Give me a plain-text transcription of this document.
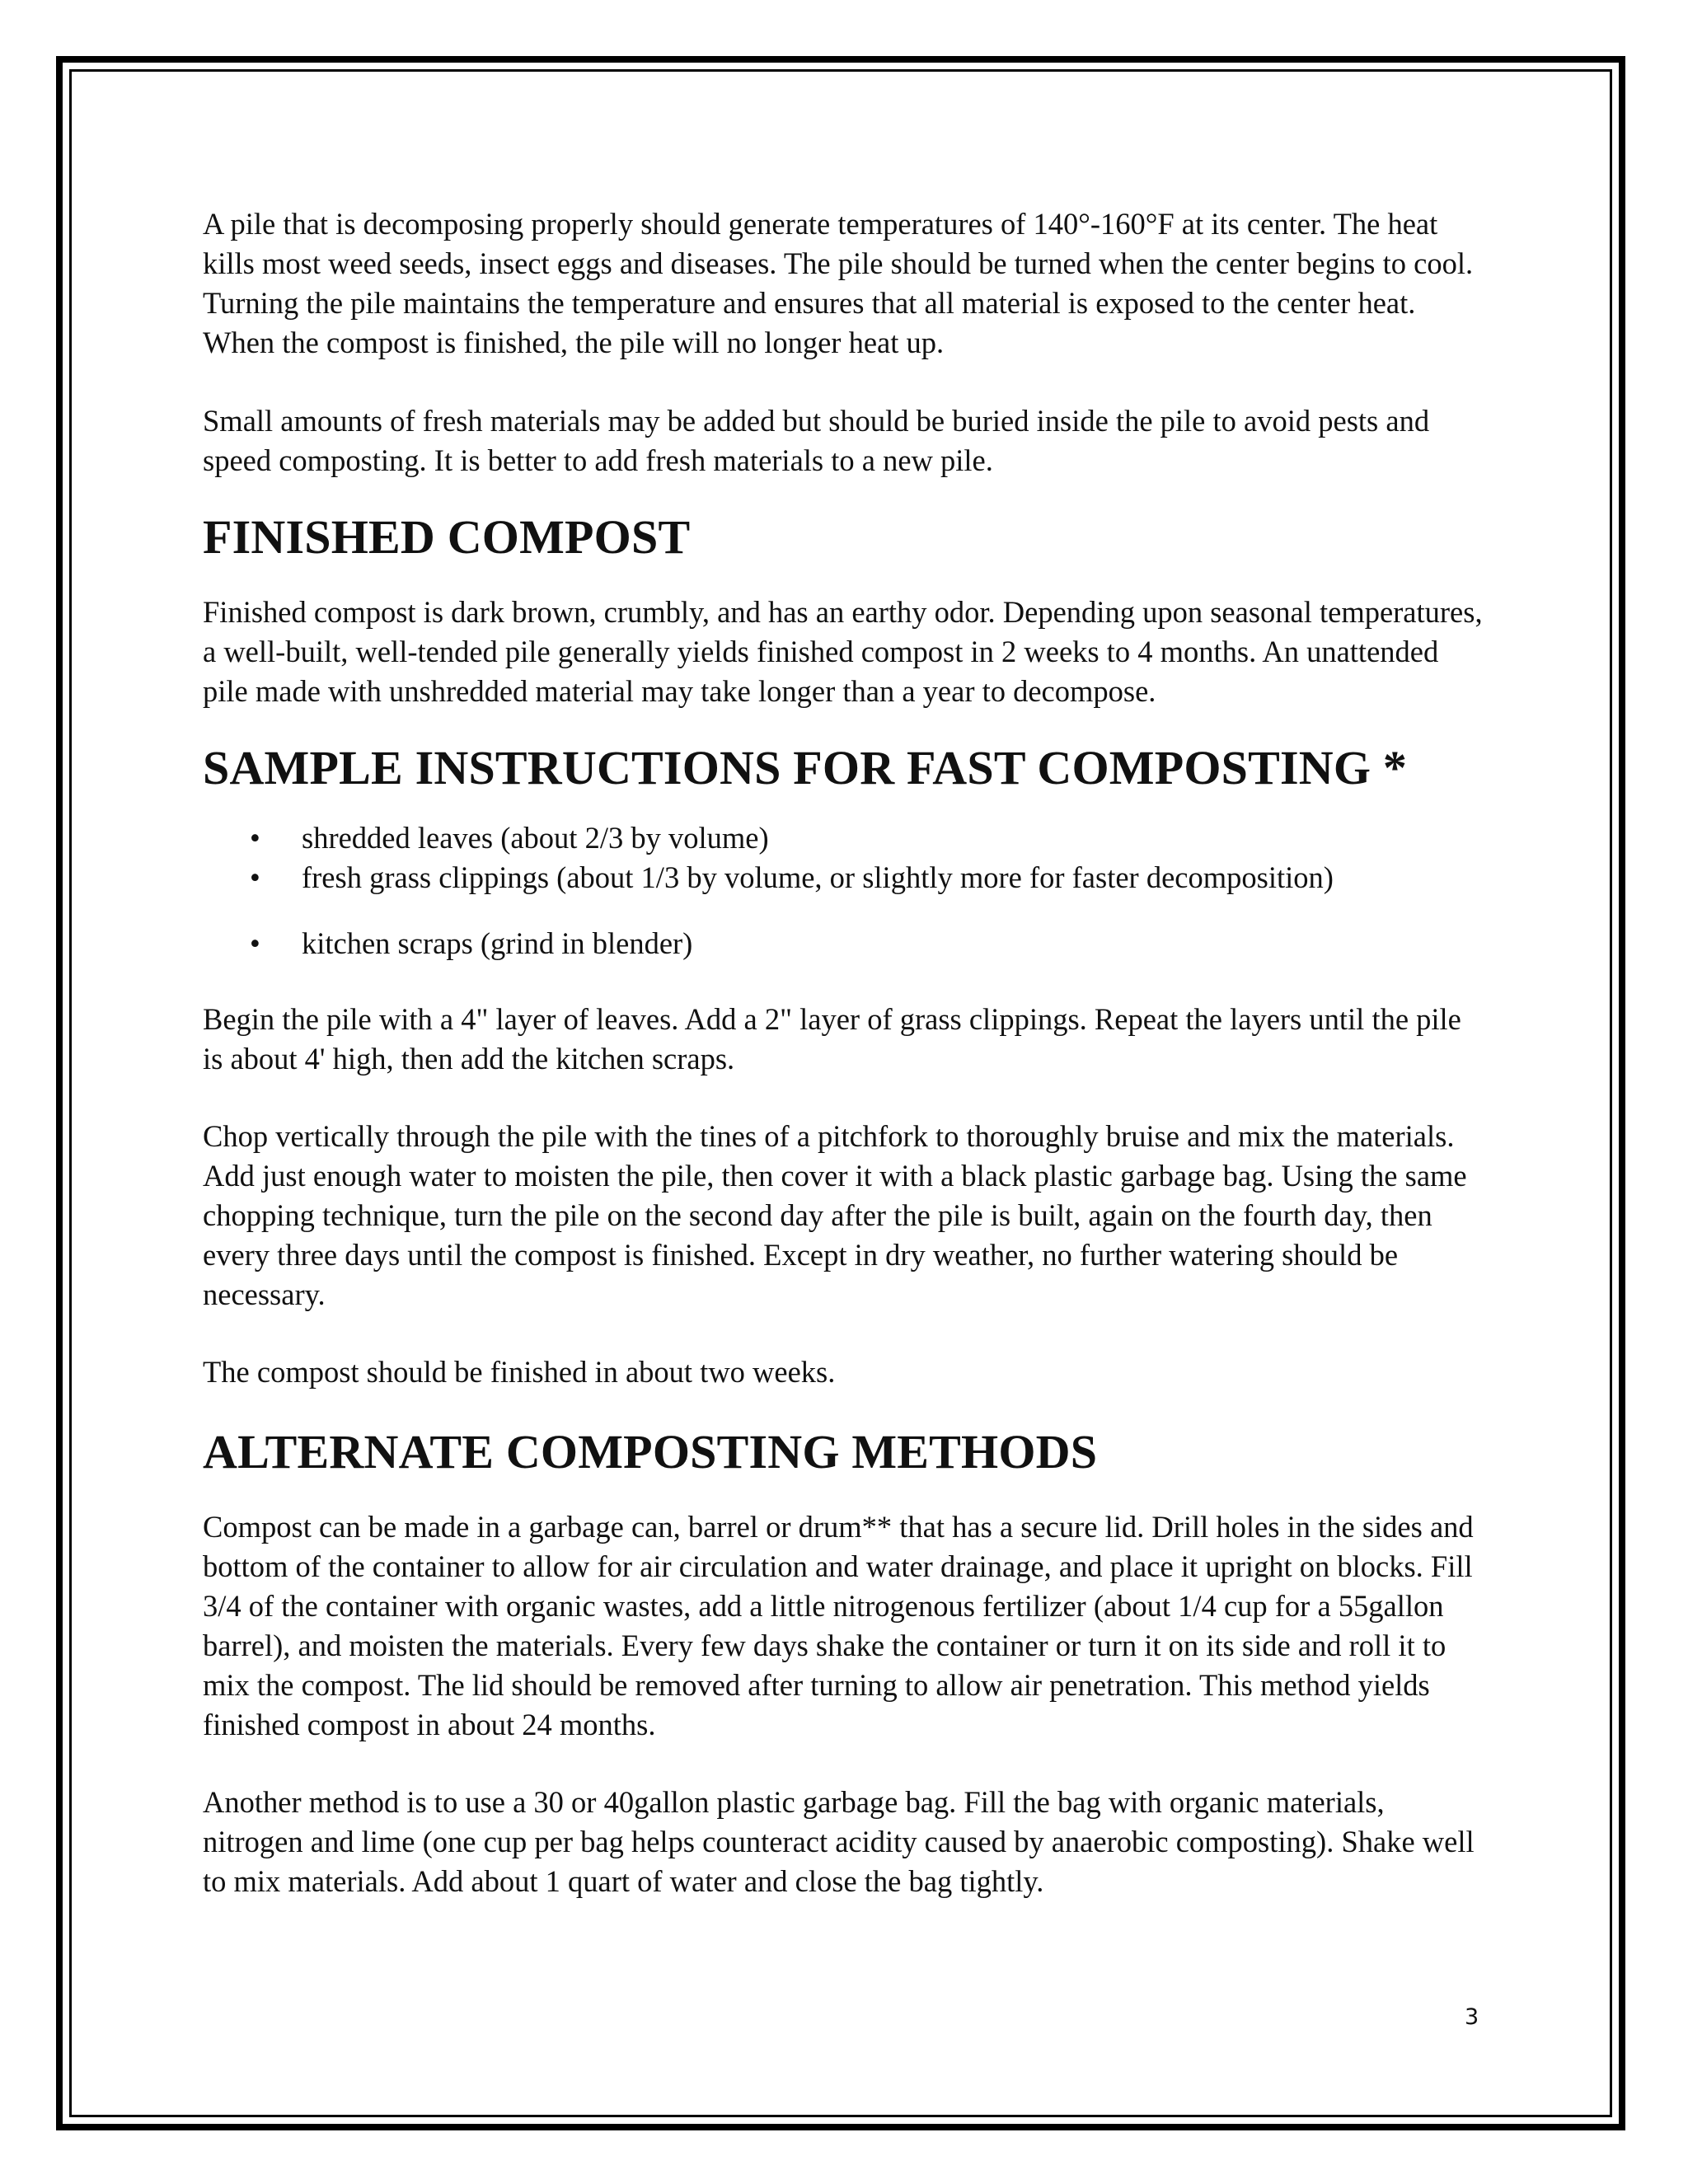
A pile that is decomposing properly should generate temperatures of 140°-160°F at its center. The heat kills most weed seeds, insect eggs and diseases. The pile should be turned when the center begins to cool. Turning the pile maintains the temperature and ensures that all material is exposed to the center heat. When the compost is finished, the pile will no longer heat up.

Small amounts of fresh materials may be added but should be buried inside the pile to avoid pests and speed composting. It is better to add fresh materials to a new pile.

FINISHED COMPOST

Finished compost is dark brown, crumbly, and has an earthy odor. Depending upon seasonal temperatures, a well-built, well-tended pile generally yields finished compost in 2 weeks to 4 months. An unattended pile made with unshredded material may take longer than a year to decompose.

SAMPLE INSTRUCTIONS FOR FAST COMPOSTING *
• shredded leaves (about 2/3 by volume)
• fresh grass clippings (about 1/3 by volume, or slightly more for faster decomposition)
• kitchen scraps (grind in blender)

Begin the pile with a 4" layer of leaves. Add a 2" layer of grass clippings. Repeat the layers until the pile is about 4' high, then add the kitchen scraps.

Chop vertically through the pile with the tines of a pitchfork to thoroughly bruise and mix the materials. Add just enough water to moisten the pile, then cover it with a black plastic garbage bag. Using the same chopping technique, turn the pile on the second day after the pile is built, again on the fourth day, then every three days until the compost is finished. Except in dry weather, no further watering should be necessary.

The compost should be finished in about two weeks.

ALTERNATE COMPOSTING METHODS

Compost can be made in a garbage can, barrel or drum** that has a secure lid. Drill holes in the sides and bottom of the container to allow for air circulation and water drainage, and place it upright on blocks. Fill 3/4 of the container with organic wastes, add a little nitrogenous fertilizer (about 1/4 cup for a 55gallon barrel), and moisten the materials. Every few days shake the container or turn it on its side and roll it to mix the compost. The lid should be removed after turning to allow air penetration. This method yields finished compost in about 24 months.

Another method is to use a 30 or 40gallon plastic garbage bag. Fill the bag with organic materials, nitrogen and lime (one cup per bag helps counteract acidity caused by anaerobic composting). Shake well to mix materials. Add about 1 quart of water and close the bag tightly.

3
